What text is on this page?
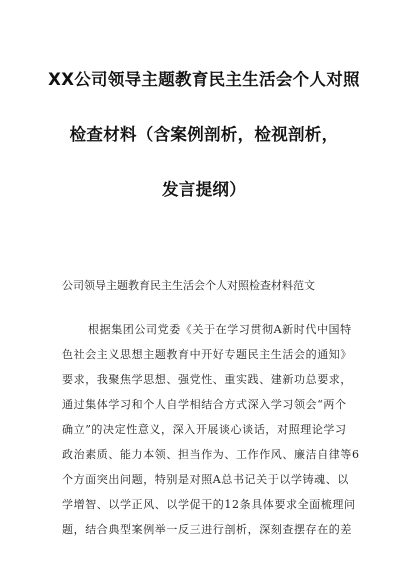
XX公司领导主题教育民主生活会个人对照
检查材料（含案例剖析，检视剖析，
发言提纲）
公司领导主题教育民主生活会个人对照检查材料范文
根据集团公司党委《关于在学习贯彻A新时代中国特
色社会主义思想主题教育中开好专题民主生活会的通知》
要求，我聚焦学思想、强党性、重实践、建新功总要求，
通过集体学习和个人自学相结合方式深入学习领会“两个
确立”的决定性意义，深入开展谈心谈话，对照理论学习
政治素质、能力本领、担当作为、工作作风、廉洁自律等6
个方面突出问题，特别是对照A总书记关于以学铸魂、以
学增智、以学正风、以学促干的12条具体要求全面梳理问
题，结合典型案例举一反三进行剖析，深刻查摆存在的差
